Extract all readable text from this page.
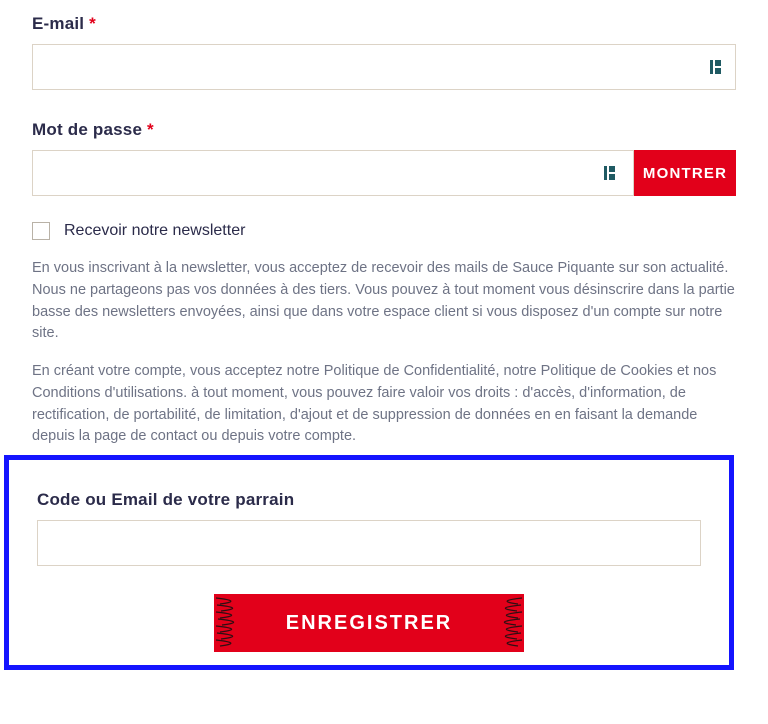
E-mail *
Mot de passe *
MONTRER
Recevoir notre newsletter

En vous inscrivant à la newsletter, vous acceptez de recevoir des mails de Sauce Piquante sur son actualité. Nous ne partageons pas vos données à des tiers. Vous pouvez à tout moment vous désinscrire dans la partie basse des newsletters envoyées, ainsi que dans votre espace client si vous disposez d'un compte sur notre site.

En créant votre compte, vous acceptez notre Politique de Confidentialité, notre Politique de Cookies et nos Conditions d'utilisations. à tout moment, vous pouvez faire valoir vos droits : d'accès, d'information, de rectification, de portabilité, de limitation, d'ajout et de suppression de données en en faisant la demande depuis la page de contact ou depuis votre compte.

Code ou Email de votre parrain
ENREGISTRER
